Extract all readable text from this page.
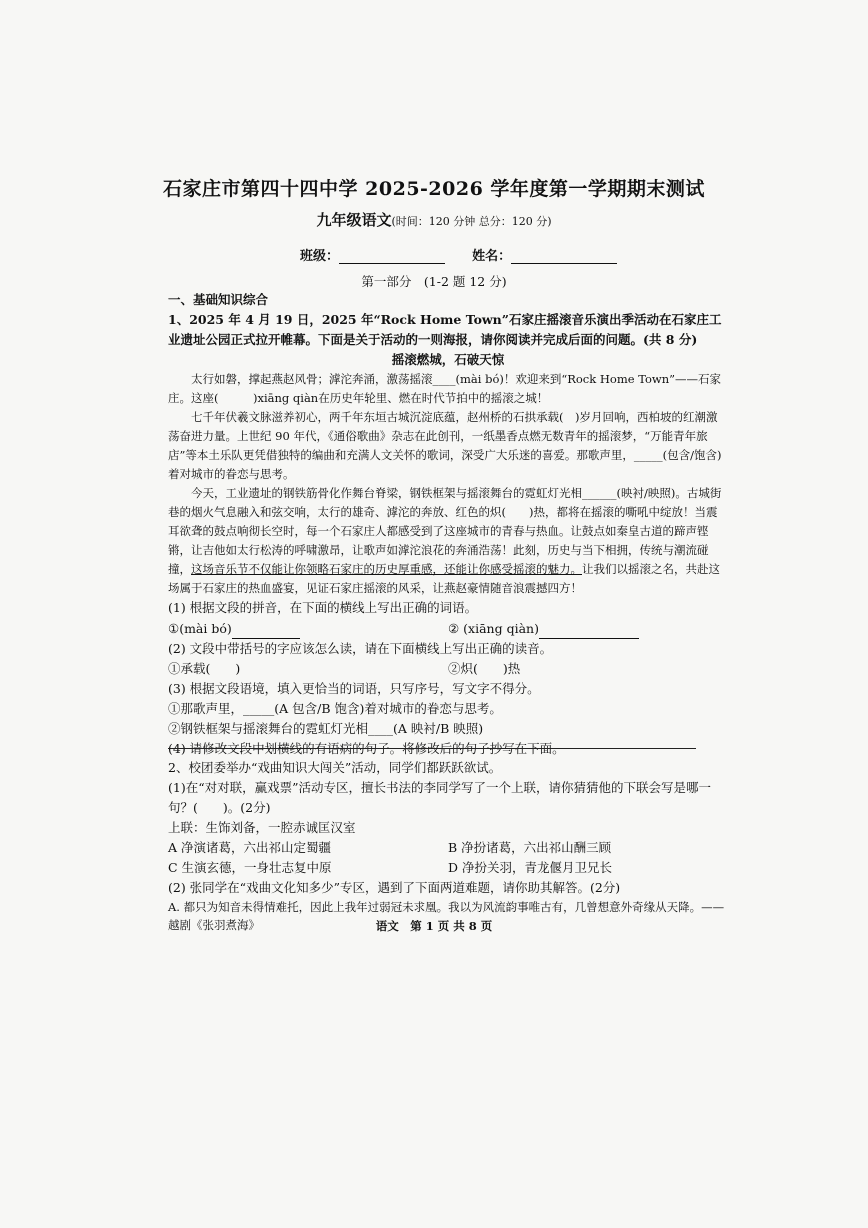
石家庄市第四十四中学 2025-2026 学年度第一学期期末测试
九年级语文(时间：120 分钟 总分：120 分)
班级：	姓名：
第一部分　(1-2 题 12 分)

一、基础知识综合

1、2025 年 4 月 19 日，2025 年“Rock Home Town”石家庄摇滚音乐演出季活动在石家庄工业遗址公园正式拉开帷幕。下面是关于活动的一则海报，请你阅读并完成后面的问题。(共 8 分)

摇滚燃城，石破天惊

太行如磐，撑起燕赵风骨；滹沱奔涌，激荡摇滚____(mài bó)！欢迎来到“Rock Home Town”——石家庄。这座(　　　)xiāng qiàn在历史年轮里、燃在时代节拍中的摇滚之城！

七千年伏羲文脉滋养初心，两千年东垣古城沉淀底蕴，赵州桥的石拱承载(　)岁月回响，西柏坡的红潮激荡奋进力量。上世纪 90 年代，《通俗歌曲》杂志在此创刊，一纸墨香点燃无数青年的摇滚梦，“万能青年旅店”等本土乐队更凭借独特的编曲和充满人文关怀的歌词，深受广大乐迷的喜爱。那歌声里，_____(包含/饱含)着对城市的眷恋与思考。

今天，工业遗址的钢铁筋骨化作舞台脊梁，钢铁框架与摇滚舞台的霓虹灯光相______(映衬/映照)。古城街巷的烟火气息融入和弦交响，太行的雄奇、滹沱的奔放、红色的炽(　　)热，都将在摇滚的嘶吼中绽放！当震耳欲聋的鼓点响彻长空时，每一个石家庄人都感受到了这座城市的青春与热血。让鼓点如秦皇古道的蹄声铿锵，让吉他如太行松涛的呼啸激昂，让歌声如滹沱浪花的奔涌浩荡！此刻，历史与当下相拥，传统与潮流碰撞，这场音乐节不仅能让你领略石家庄的历史厚重感，还能让你感受摇滚的魅力。让我们以摇滚之名，共赴这场属于石家庄的热血盛宴，见证石家庄摇滚的风采，让燕赵豪情随音浪震撼四方！

(1) 根据文段的拼音，在下面的横线上写出正确的词语。

①(mài bó)	② (xiāng qiàn)

(2) 文段中带括号的字应该怎么读，请在下面横线上写出正确的读音。

①承载(　　)	②炽(　　)热

(3) 根据文段语境，填入更恰当的词语，只写序号，写文字不得分。

①那歌声里，_____(A 包含/B 饱含)着对城市的眷恋与思考。

②钢铁框架与摇滚舞台的霓虹灯光相____(A 映衬/B 映照)

(4) 请修改文段中划横线的有语病的句子。将修改后的句子抄写在下面。

2、校团委举办“戏曲知识大闯关”活动，同学们都跃跃欲试。

(1)在“对对联，赢戏票”活动专区，擅长书法的李同学写了一个上联，请你猜猜他的下联会写是哪一句？(　　)。(2分)

上联：生饰刘备，一腔赤诚匡汉室

A 净演诸葛，六出祁山定蜀疆	B 净扮诸葛，六出祁山酬三顾

C 生演玄德，一身壮志复中原	D 净扮关羽，青龙偃月卫兄长

(2) 张同学在“戏曲文化知多少”专区，遇到了下面两道难题，请你助其解答。(2分)

A. 都只为知音未得情难托，因此上我年过弱冠未求凰。我以为风流韵事唯古有，几曾想意外奇缘从天降。——越剧《张羽煮海》	语文　第 1 页 共 8 页
